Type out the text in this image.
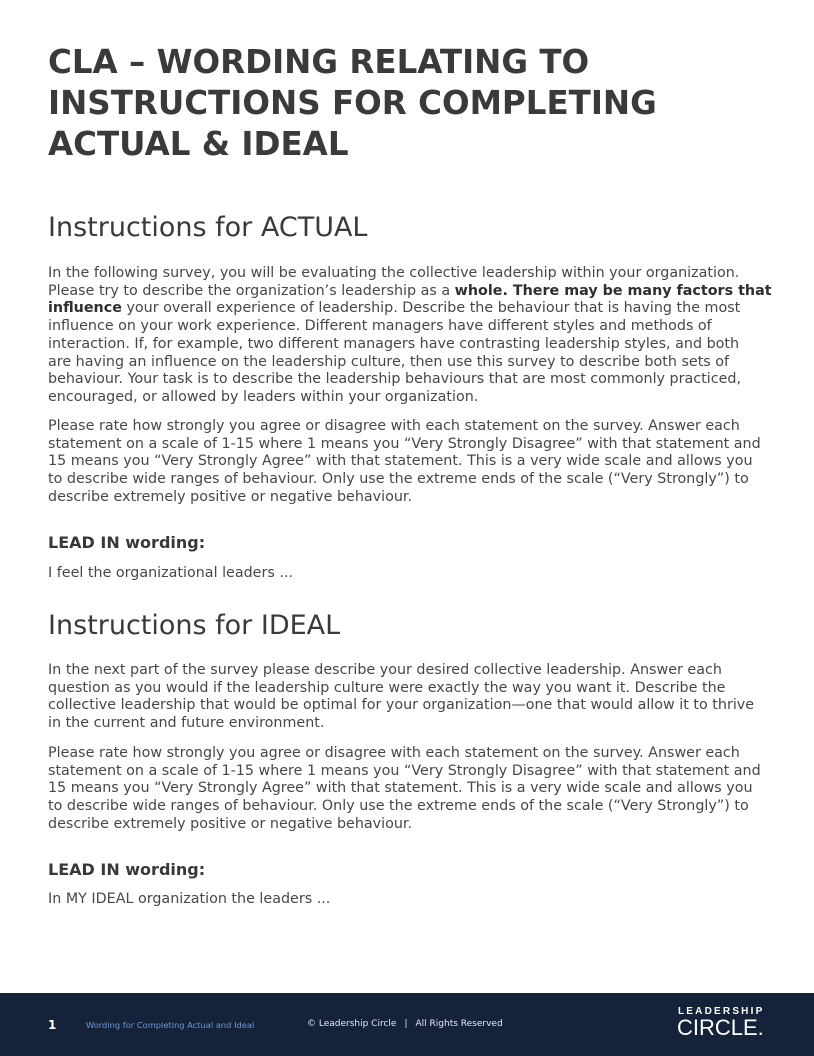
CLA – WORDING RELATING TO
INSTRUCTIONS FOR COMPLETING
ACTUAL & IDEAL
Instructions for ACTUAL
In the following survey, you will be evaluating the collective leadership within your organization.
Please try to describe the organization’s leadership as a whole. There may be many factors that
influence your overall experience of leadership. Describe the behaviour that is having the most
influence on your work experience. Different managers have different styles and methods of
interaction. If, for example, two different managers have contrasting leadership styles, and both
are having an influence on the leadership culture, then use this survey to describe both sets of
behaviour. Your task is to describe the leadership behaviours that are most commonly practiced,
encouraged, or allowed by leaders within your organization.
Please rate how strongly you agree or disagree with each statement on the survey. Answer each
statement on a scale of 1-15 where 1 means you “Very Strongly Disagree” with that statement and
15 means you “Very Strongly Agree” with that statement. This is a very wide scale and allows you
to describe wide ranges of behaviour. Only use the extreme ends of the scale (“Very Strongly”) to
describe extremely positive or negative behaviour.
LEAD IN wording:
I feel the organizational leaders ...
Instructions for IDEAL
In the next part of the survey please describe your desired collective leadership. Answer each
question as you would if the leadership culture were exactly the way you want it. Describe the
collective leadership that would be optimal for your organization—one that would allow it to thrive
in the current and future environment.
Please rate how strongly you agree or disagree with each statement on the survey. Answer each
statement on a scale of 1-15 where 1 means you “Very Strongly Disagree” with that statement and
15 means you “Very Strongly Agree” with that statement. This is a very wide scale and allows you
to describe wide ranges of behaviour. Only use the extreme ends of the scale (“Very Strongly”) to
describe extremely positive or negative behaviour.
LEAD IN wording:
In MY IDEAL organization the leaders ...
1	Wording for Completing Actual and Ideal	© Leadership Circle | All Rights Reserved
LEADERSHIP
CIRCLE.
